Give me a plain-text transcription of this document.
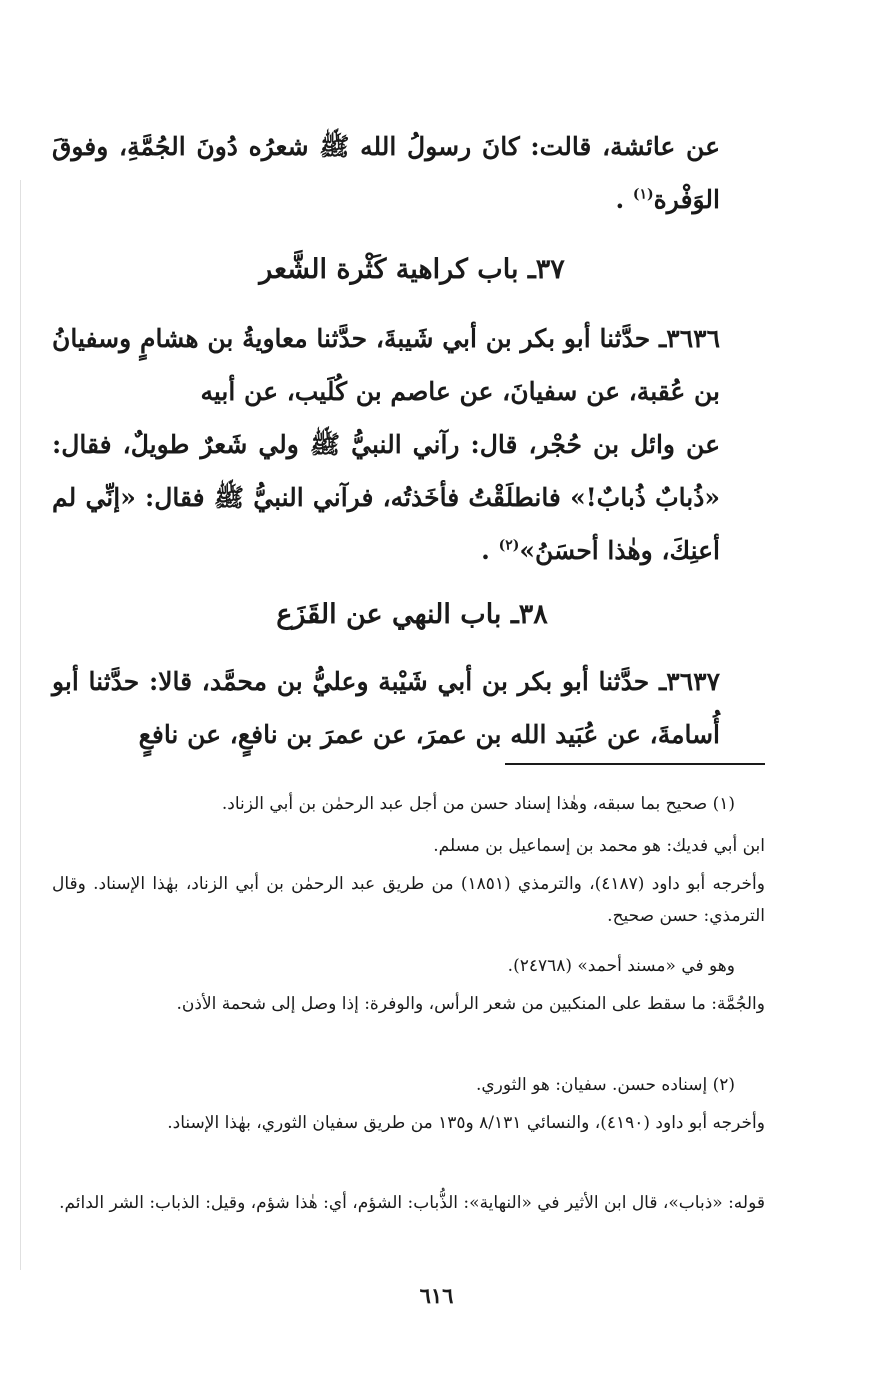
عن عائشة، قالت: كانَ رسولُ الله ﷺ شعرُه دُونَ الجُمَّةِ، وفوقَ الوَفْرة$^{(١)}$ .

٣٧ـ باب كراهية كَثْرة الشَّعر

٣٦٣٦ـ حدَّثنا أبو بكر بن أبي شَيبةَ، حدَّثنا معاويةُ بن هشامٍ وسفيانُ بن عُقبة، عن سفيانَ، عن عاصم بن كُلَيب، عن أبيه

عن وائل بن حُجْر، قال: رآني النبيُّ ﷺ ولي شَعرٌ طويلٌ، فقال: «ذُبابٌ ذُبابٌ!» فانطلَقْتُ فأخَذتُه، فرآني النبيُّ ﷺ فقال: «إنِّي لم أعنِكَ، وهٰذا أحسَنُ»$^{(٢)}$ .

٣٨ـ باب النهي عن القَزَع

٣٦٣٧ـ حدَّثنا أبو بكر بن أبي شَيْبة وعليُّ بن محمَّد، قالا: حدَّثنا أبو أُسامةَ، عن عُبَيد الله بن عمرَ، عن عمرَ بن نافعٍ، عن نافعٍ

(١) صحيح بما سبقه، وهٰذا إسناد حسن من أجل عبد الرحمٰن بن أبي الزناد.

ابن أبي فديك: هو محمد بن إسماعيل بن مسلم.

وأخرجه أبو داود (٤١٨٧)، والترمذي (١٨٥١) من طريق عبد الرحمٰن بن أبي الزناد، بهٰذا الإسناد. وقال الترمذي: حسن صحيح.

وهو في «مسند أحمد» (٢٤٧٦٨).

والجُمَّة: ما سقط على المنكبين من شعر الرأس، والوفرة: إذا وصل إلى شحمة الأذن.

(٢) إسناده حسن. سفيان: هو الثوري.

وأخرجه أبو داود (٤١٩٠)، والنسائي ٨/١٣١ و١٣٥ من طريق سفيان الثوري، بهٰذا الإسناد.

قوله: «ذباب»، قال ابن الأثير في «النهاية»: الذُّباب: الشؤم، أي: هٰذا شؤم، وقيل: الذباب: الشر الدائم.

٦١٦
